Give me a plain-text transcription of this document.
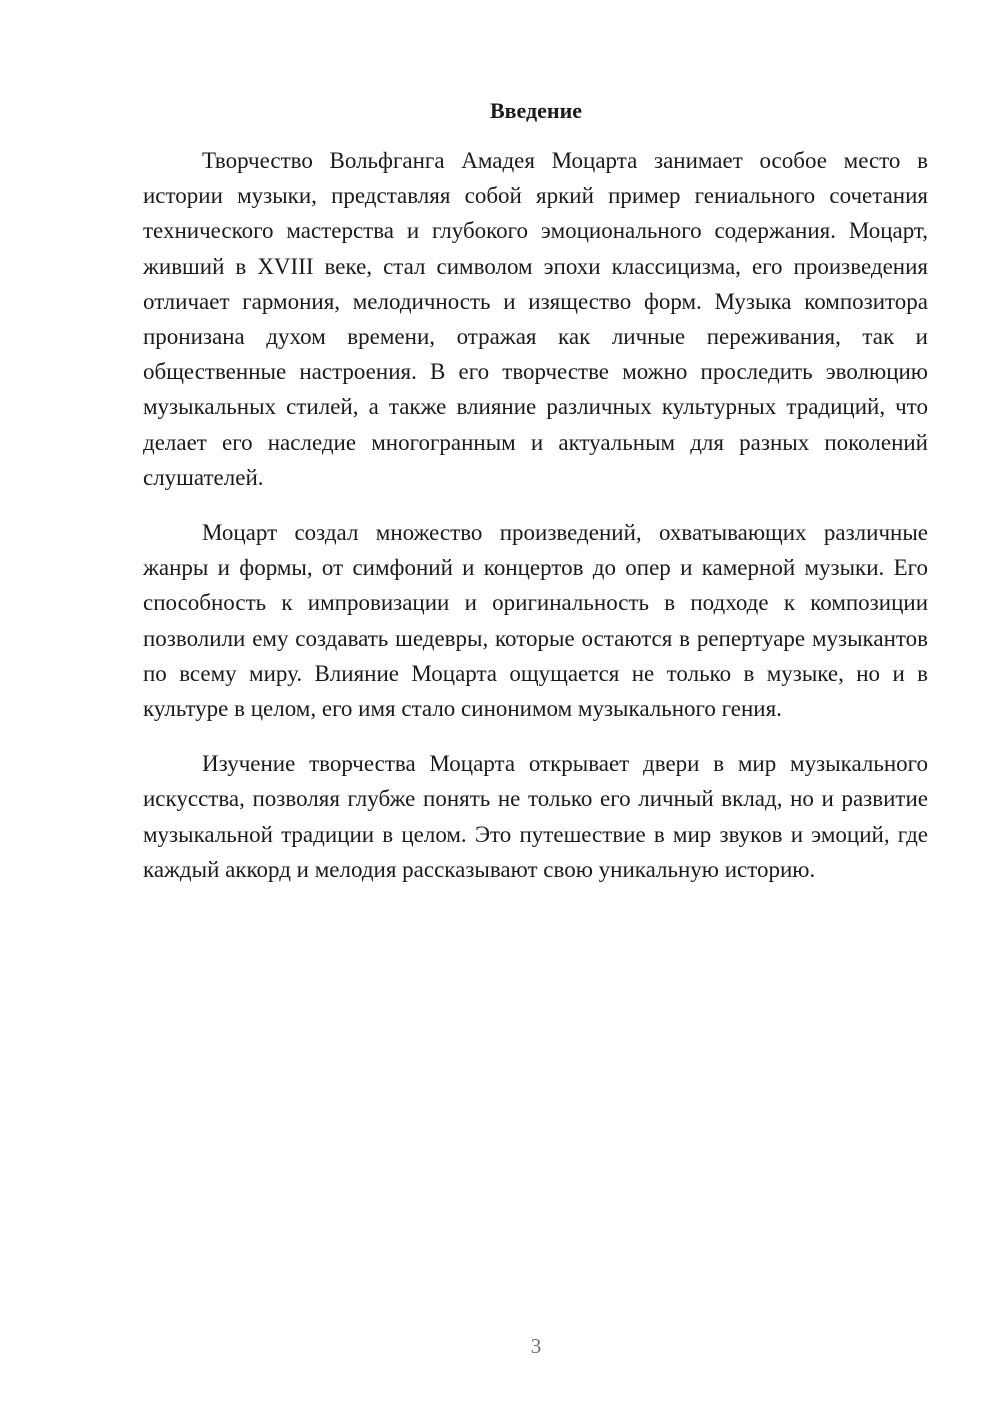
Введение

Творчество Вольфганга Амадея Моцарта занимает особое место в истории музыки, представляя собой яркий пример гениального сочетания технического мастерства и глубокого эмоционального содержания. Моцарт, живший в XVIII веке, стал символом эпохи классицизма, его произведения отличает гармония, мелодичность и изящество форм. Музыка композитора пронизана духом времени, отражая как личные переживания, так и общественные настроения. В его творчестве можно проследить эволюцию музыкальных стилей, а также влияние различных культурных традиций, что делает его наследие многогранным и актуальным для разных поколений слушателей.

Моцарт создал множество произведений, охватывающих различные жанры и формы, от симфоний и концертов до опер и камерной музыки. Его способность к импровизации и оригинальность в подходе к композиции позволили ему создавать шедевры, которые остаются в репертуаре музыкантов по всему миру. Влияние Моцарта ощущается не только в музыке, но и в культуре в целом, его имя стало синонимом музыкального гения.

Изучение творчества Моцарта открывает двери в мир музыкального искусства, позволяя глубже понять не только его личный вклад, но и развитие музыкальной традиции в целом. Это путешествие в мир звуков и эмоций, где каждый аккорд и мелодия рассказывают свою уникальную историю.

3
